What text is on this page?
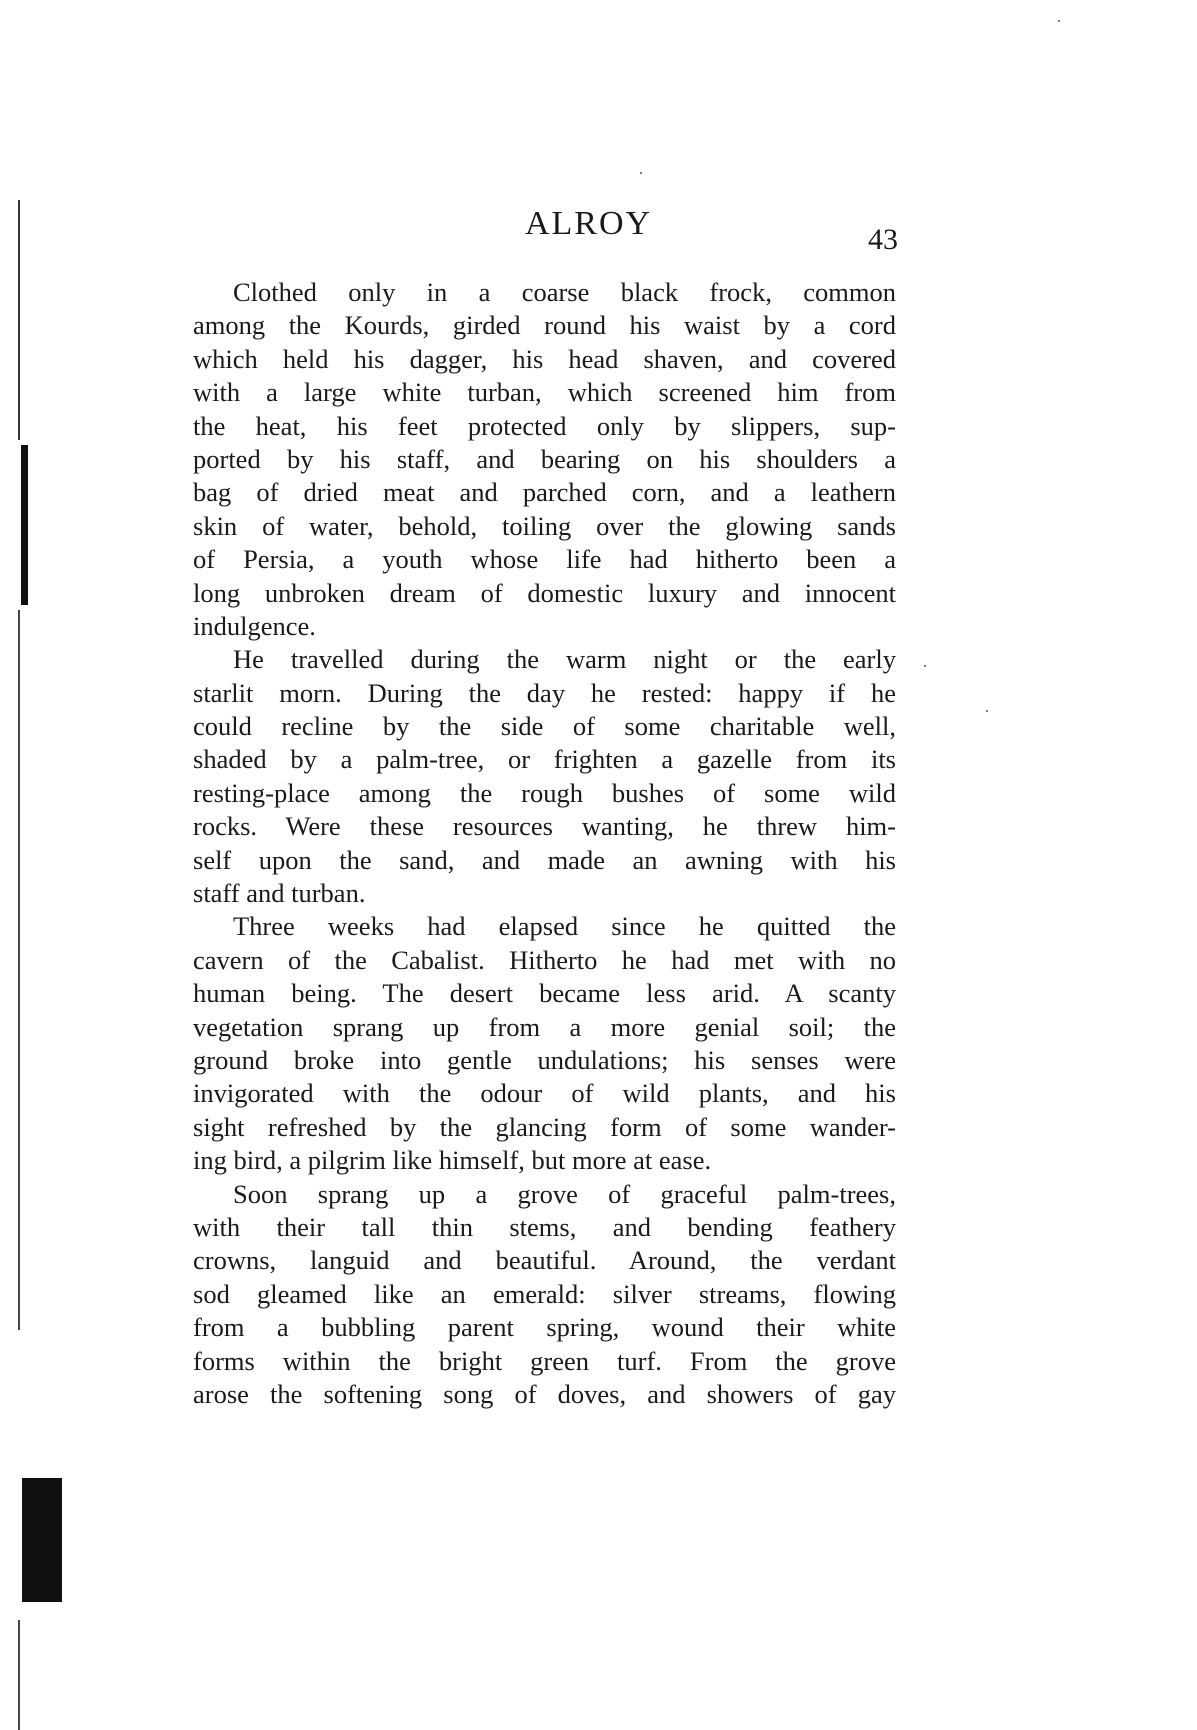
ALROY	43
Clothed only in a coarse black frock, common
among the Kourds, girded round his waist by a cord
which held his dagger, his head shaven, and covered
with a large white turban, which screened him from
the heat, his feet protected only by slippers, sup-
ported by his staff, and bearing on his shoulders a
bag of dried meat and parched corn, and a leathern
skin of water, behold, toiling over the glowing sands
of Persia, a youth whose life had hitherto been a
long unbroken dream of domestic luxury and innocent
indulgence.
He travelled during the warm night or the early
starlit morn. During the day he rested: happy if he
could recline by the side of some charitable well,
shaded by a palm-tree, or frighten a gazelle from its
resting-place among the rough bushes of some wild
rocks. Were these resources wanting, he threw him-
self upon the sand, and made an awning with his
staff and turban.
Three weeks had elapsed since he quitted the
cavern of the Cabalist. Hitherto he had met with no
human being. The desert became less arid. A scanty
vegetation sprang up from a more genial soil; the
ground broke into gentle undulations; his senses were
invigorated with the odour of wild plants, and his
sight refreshed by the glancing form of some wander-
ing bird, a pilgrim like himself, but more at ease.
Soon sprang up a grove of graceful palm-trees,
with their tall thin stems, and bending feathery
crowns, languid and beautiful. Around, the verdant
sod gleamed like an emerald: silver streams, flowing
from a bubbling parent spring, wound their white
forms within the bright green turf. From the grove
arose the softening song of doves, and showers of gay
